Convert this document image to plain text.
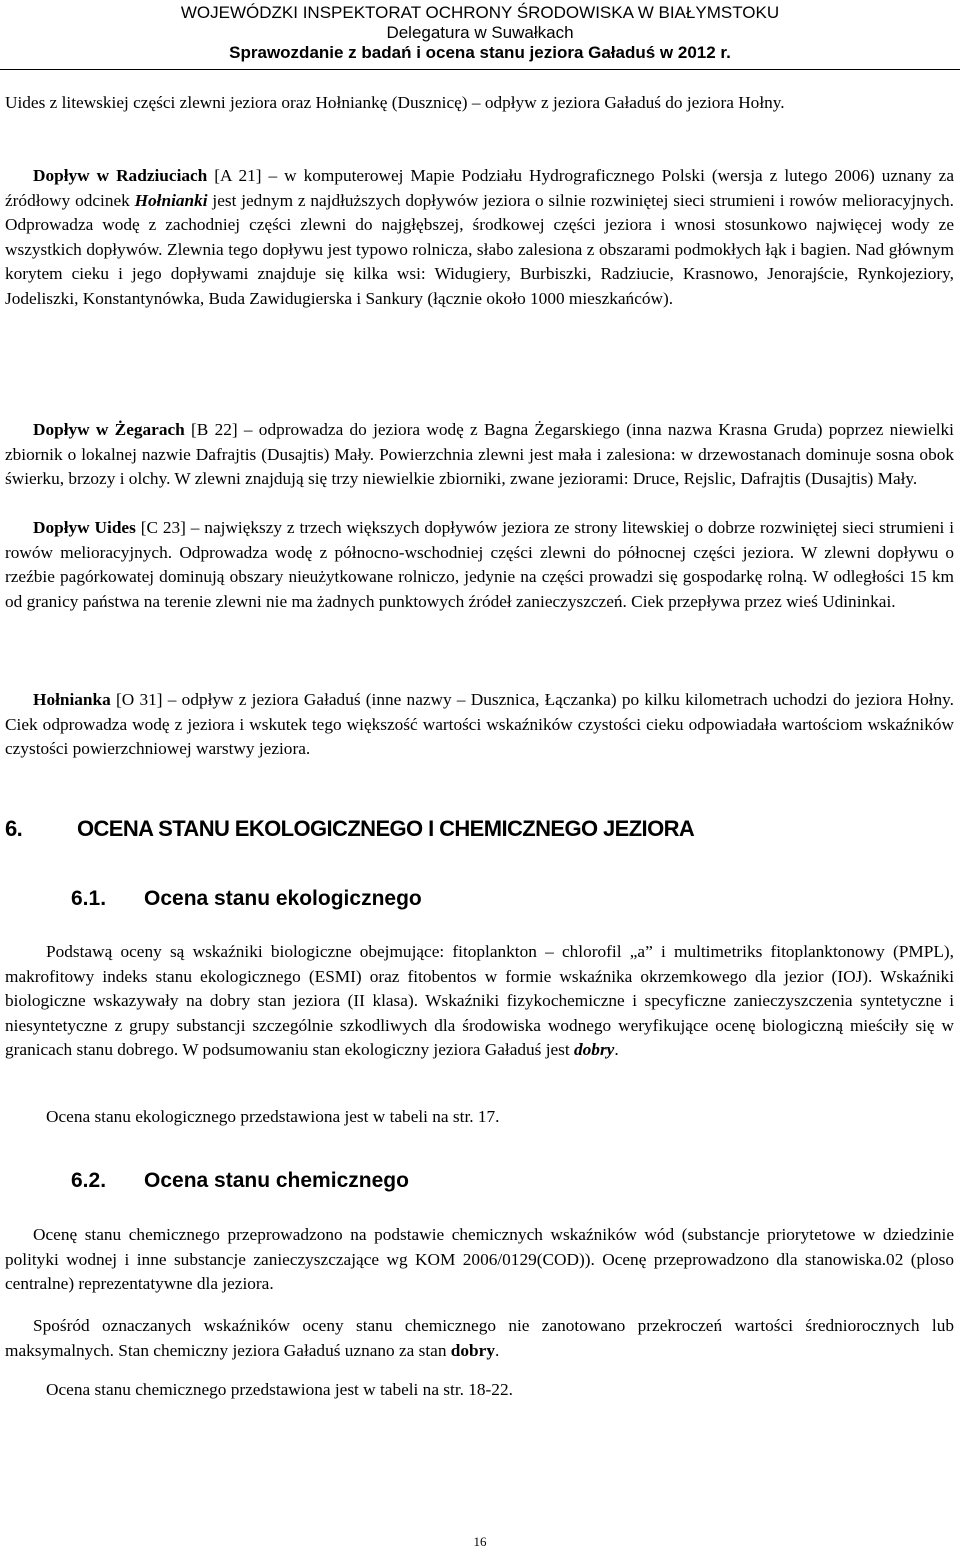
WOJEWÓDZKI INSPEKTORAT OCHRONY ŚRODOWISKA W BIAŁYMSTOKU
Delegatura w Suwałkach
Sprawozdanie z badań i ocena stanu jeziora Gaładuś w 2012 r.

Uides z litewskiej części zlewni jeziora oraz Hołniankę (Dusznicę) – odpływ z jeziora Gaładuś do jeziora Hołny.

Dopływ w Radziuciach [A 21] – w komputerowej Mapie Podziału Hydrograficznego Polski (wersja z lutego 2006) uznany za źródłowy odcinek Hołnianki jest jednym z najdłuższych dopływów jeziora o silnie rozwiniętej sieci strumieni i rowów melioracyjnych. Odprowadza wodę z zachodniej części zlewni do najgłębszej, środkowej części jeziora i wnosi stosunkowo najwięcej wody ze wszystkich dopływów. Zlewnia tego dopływu jest typowo rolnicza, słabo zalesiona z obszarami podmokłych łąk i bagien. Nad głównym korytem cieku i jego dopływami znajduje się kilka wsi: Widugiery, Burbiszki, Radziucie, Krasnowo, Jenorajście, Rynkojeziory, Jodeliszki, Konstantynówka, Buda Zawidugierska i Sankury (łącznie około 1000 mieszkańców).

Dopływ w Żegarach [B 22] – odprowadza do jeziora wodę z Bagna Żegarskiego (inna nazwa Krasna Gruda) poprzez niewielki zbiornik o lokalnej nazwie Dafrajtis (Dusajtis) Mały. Powierzchnia zlewni jest mała i zalesiona: w drzewostanach dominuje sosna obok świerku, brzozy i olchy. W zlewni znajdują się trzy niewielkie zbiorniki, zwane jeziorami: Druce, Rejslic, Dafrajtis (Dusajtis) Mały.

Dopływ Uides [C 23] – największy z trzech większych dopływów jeziora ze strony litewskiej o dobrze rozwiniętej sieci strumieni i rowów melioracyjnych. Odprowadza wodę z północno-wschodniej części zlewni do północnej części jeziora. W zlewni dopływu o rzeźbie pagórkowatej dominują obszary nieużytkowane rolniczo, jedynie na części prowadzi się gospodarkę rolną. W odległości 15 km od granicy państwa na terenie zlewni nie ma żadnych punktowych źródeł zanieczyszczeń. Ciek przepływa przez wieś Udininkai.

Hołnianka [O 31] – odpływ z jeziora Gaładuś (inne nazwy – Dusznica, Łączanka) po kilku kilometrach uchodzi do jeziora Hołny. Ciek odprowadza wodę z jeziora i wskutek tego większość wartości wskaźników czystości cieku odpowiadała wartościom wskaźników czystości powierzchniowej warstwy jeziora.

6. OCENA STANU EKOLOGICZNEGO I CHEMICZNEGO JEZIORA
6.1. Ocena stanu ekologicznego

Podstawą oceny są wskaźniki biologiczne obejmujące: fitoplankton – chlorofil „a” i multimetriks fitoplanktonowy (PMPL), makrofitowy indeks stanu ekologicznego (ESMI) oraz fitobentos w formie wskaźnika okrzemkowego dla jezior (IOJ). Wskaźniki biologiczne wskazywały na dobry stan jeziora (II klasa). Wskaźniki fizykochemiczne i specyficzne zanieczyszczenia syntetyczne i niesyntetyczne z grupy substancji szczególnie szkodliwych dla środowiska wodnego weryfikujące ocenę biologiczną mieściły się w granicach stanu dobrego. W podsumowaniu stan ekologiczny jeziora Gaładuś jest dobry.

Ocena stanu ekologicznego przedstawiona jest w tabeli na str. 17.

6.2. Ocena stanu chemicznego

Ocenę stanu chemicznego przeprowadzono na podstawie chemicznych wskaźników wód (substancje priorytetowe w dziedzinie polityki wodnej i inne substancje zanieczyszczające wg KOM 2006/0129(COD)). Ocenę przeprowadzono dla stanowiska.02 (ploso centralne) reprezentatywne dla jeziora.

Spośród oznaczanych wskaźników oceny stanu chemicznego nie zanotowano przekroczeń wartości średniorocznych lub maksymalnych. Stan chemiczny jeziora Gaładuś uznano za stan dobry.

Ocena stanu chemicznego przedstawiona jest w tabeli na str. 18-22.

16
